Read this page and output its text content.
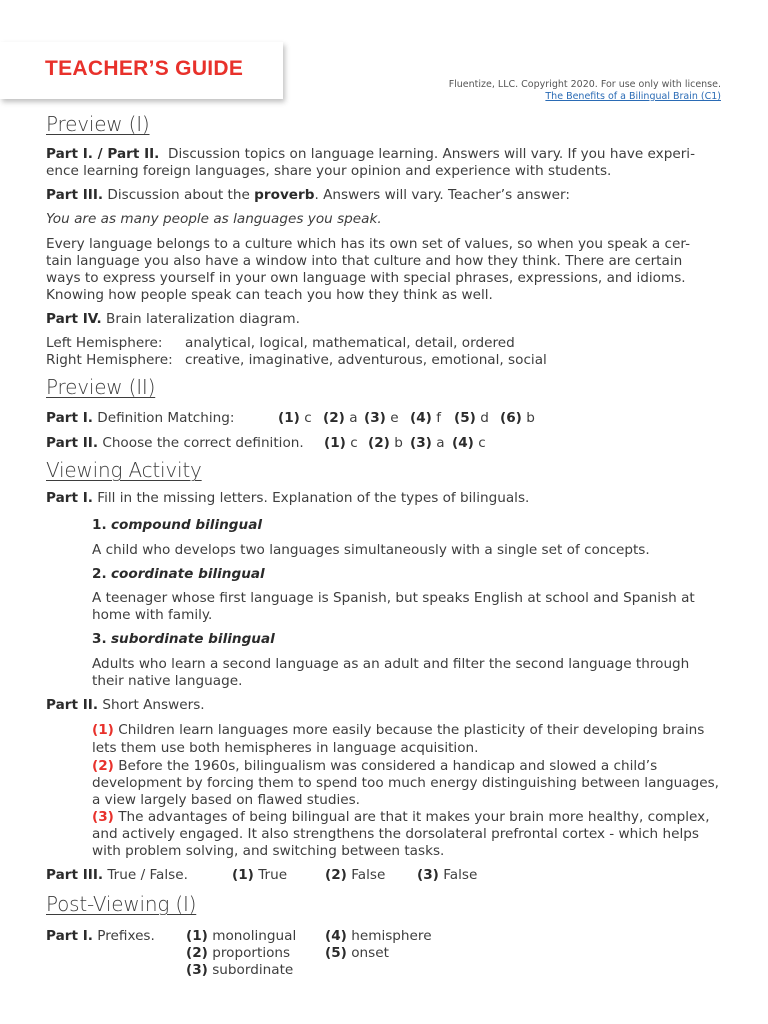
TEACHER’S GUIDE
Fluentize, LLC. Copyright 2020. For use only with license.
The Benefits of a Bilingual Brain (C1)
Preview (I)
Part I. / Part II. Discussion topics on language learning. Answers will vary. If you have experi-
ence learning foreign languages, share your opinion and experience with students.
Part III. Discussion about the proverb. Answers will vary. Teacher’s answer:
You are as many people as languages you speak.
Every language belongs to a culture which has its own set of values, so when you speak a cer-
tain language you also have a window into that culture and how they think. There are certain
ways to express yourself in your own language with special phrases, expressions, and idioms.
Knowing how people speak can teach you how they think as well.
Part IV. Brain lateralization diagram.
Left Hemisphere: analytical, logical, mathematical, detail, ordered
Right Hemisphere: creative, imaginative, adventurous, emotional, social
Preview (II)
Part I. Definition Matching:	(1) c (2) a (3) e (4) f (5) d (6) b
Part II. Choose the correct definition. (1) c (2) b (3) a (4) c
Viewing Activity
Part I. Fill in the missing letters. Explanation of the types of bilinguals.
1. compound bilingual
A child who develops two languages simultaneously with a single set of concepts.
2. coordinate bilingual
A teenager whose first language is Spanish, but speaks English at school and Spanish at
home with family.
3. subordinate bilingual
Adults who learn a second language as an adult and filter the second language through
their native language.
Part II. Short Answers.
(1) Children learn languages more easily because the plasticity of their developing brains
lets them use both hemispheres in language acquisition.
(2) Before the 1960s, bilingualism was considered a handicap and slowed a child’s
development by forcing them to spend too much energy distinguishing between languages,
a view largely based on flawed studies.
(3) The advantages of being bilingual are that it makes your brain more healthy, complex,
and actively engaged. It also strengthens the dorsolateral prefrontal cortex - which helps
with problem solving, and switching between tasks.
Part III. True / False.	(1) True	(2) False (3) False
Post-Viewing (I)
Part I. Prefixes. (1) monolingual (4) hemisphere
(2) proportions	(5) onset
(3) subordinate
